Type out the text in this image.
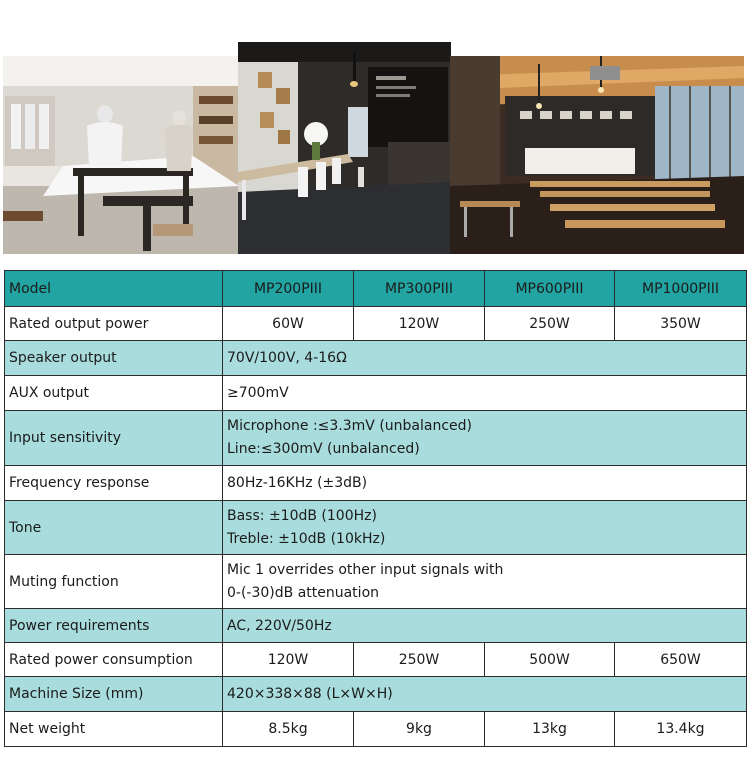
Model	MP200PIII	MP300PIII	MP600PIII	MP1000PIII
Rated output power	60W	120W	250W	350W
Speaker output	70V/100V, 4-16Ω			
AUX output	≥700mV			
Input sensitivity	Microphone :≤3.3mV (unbalanced)
Line:≤300mV (unbalanced)			

Frequency response	80Hz-16KHz (±3dB)			
Tone	Bass: ±10dB (100Hz)
Treble: ±10dB (10kHz)			

Muting function	Mic 1 overrides other input signals with
0-(-30)dB attenuation			

Power requirements	AC, 220V/50Hz			
Rated power consumption	120W	250W	500W	650W
Machine Size (mm)	420×338×88 (L×W×H)			
Net weight	8.5kg	9kg	13kg	13.4kg
